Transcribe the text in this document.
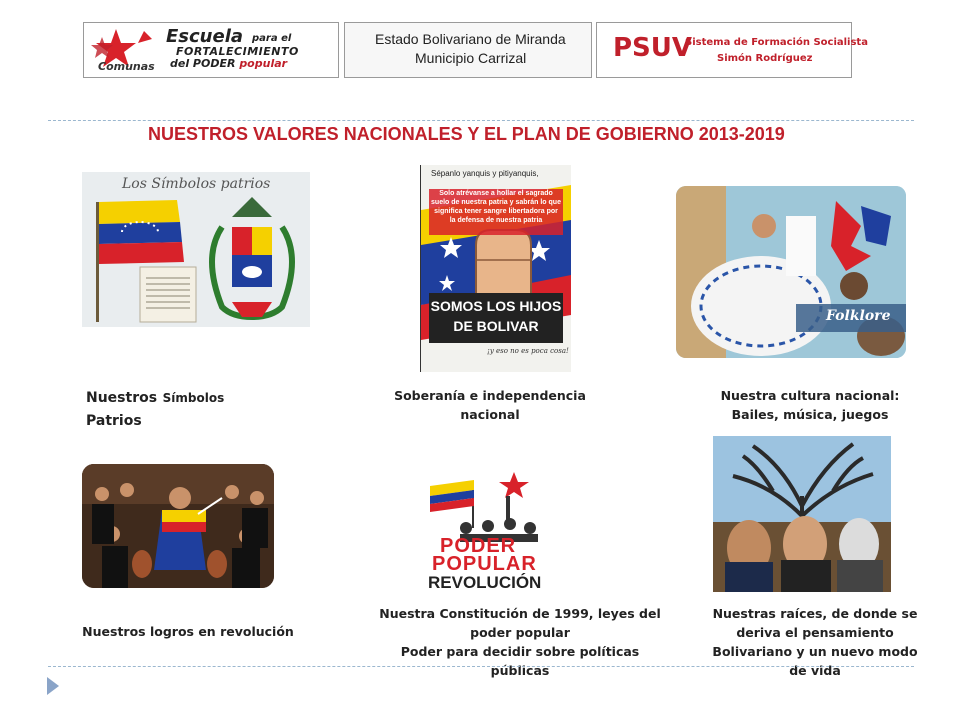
Escuela para el
FORTALECIMIENTO
del PODER popular
Comunas
Estado Bolivariano de Miranda
Municipio Carrizal	PSUV
Sistema de Formación Socialista
Simón Rodríguez
NUESTROS VALORES NACIONALES Y EL PLAN DE GOBIERNO 2013-2019
Los Símbolos patrios
Sépanlo yanquis y pitiyanquis,
Solo atrévanse a hollar el sagrado suelo de nuestra patria y sabrán lo que significa tener sangre libertadora por la defensa de nuestra patria
SOMOS LOS HIJOS
DE BOLIVAR
¡y eso no es poca cosa!
Folklore
Nuestros Símbolos
Patrios
Soberanía e independencia
nacional
Nuestra cultura nacional:
Bailes, música, juegos
PODER
POPULAR
REVOLUCIÓN
Nuestros logros en revolución
Nuestra Constitución de 1999, leyes del
poder popular
Poder para decidir sobre políticas
públicas
Nuestras raíces, de donde se
deriva el pensamiento
Bolivariano y un nuevo modo
de vida
